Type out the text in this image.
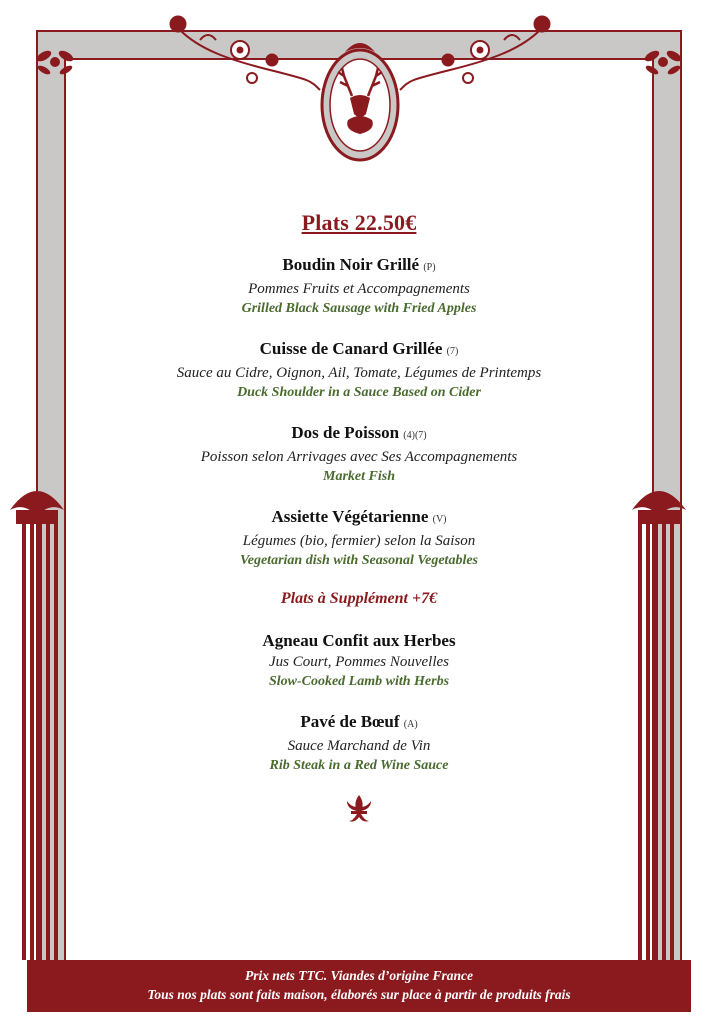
Plats 22.50€
Boudin Noir Grillé (P)
Pommes Fruits et Accompagnements
Grilled Black Sausage with Fried Apples
Cuisse de Canard Grillée (7)
Sauce au Cidre, Oignon, Ail, Tomate, Légumes de Printemps
Duck Shoulder in a Sauce Based on Cider
Dos de Poisson (4)(7)
Poisson selon Arrivages avec Ses Accompagnements
Market Fish
Assiette Végétarienne (V)
Légumes (bio, fermier) selon la Saison
Vegetarian dish with Seasonal Vegetables
Plats à Supplément +7€
Agneau Confit aux Herbes
Jus Court, Pommes Nouvelles
Slow-Cooked Lamb with Herbs
Pavé de Bœuf (A)
Sauce Marchand de Vin
Rib Steak in a Red Wine Sauce
Prix nets TTC. Viandes d’origine France
Tous nos plats sont faits maison, élaborés sur place à partir de produits frais
